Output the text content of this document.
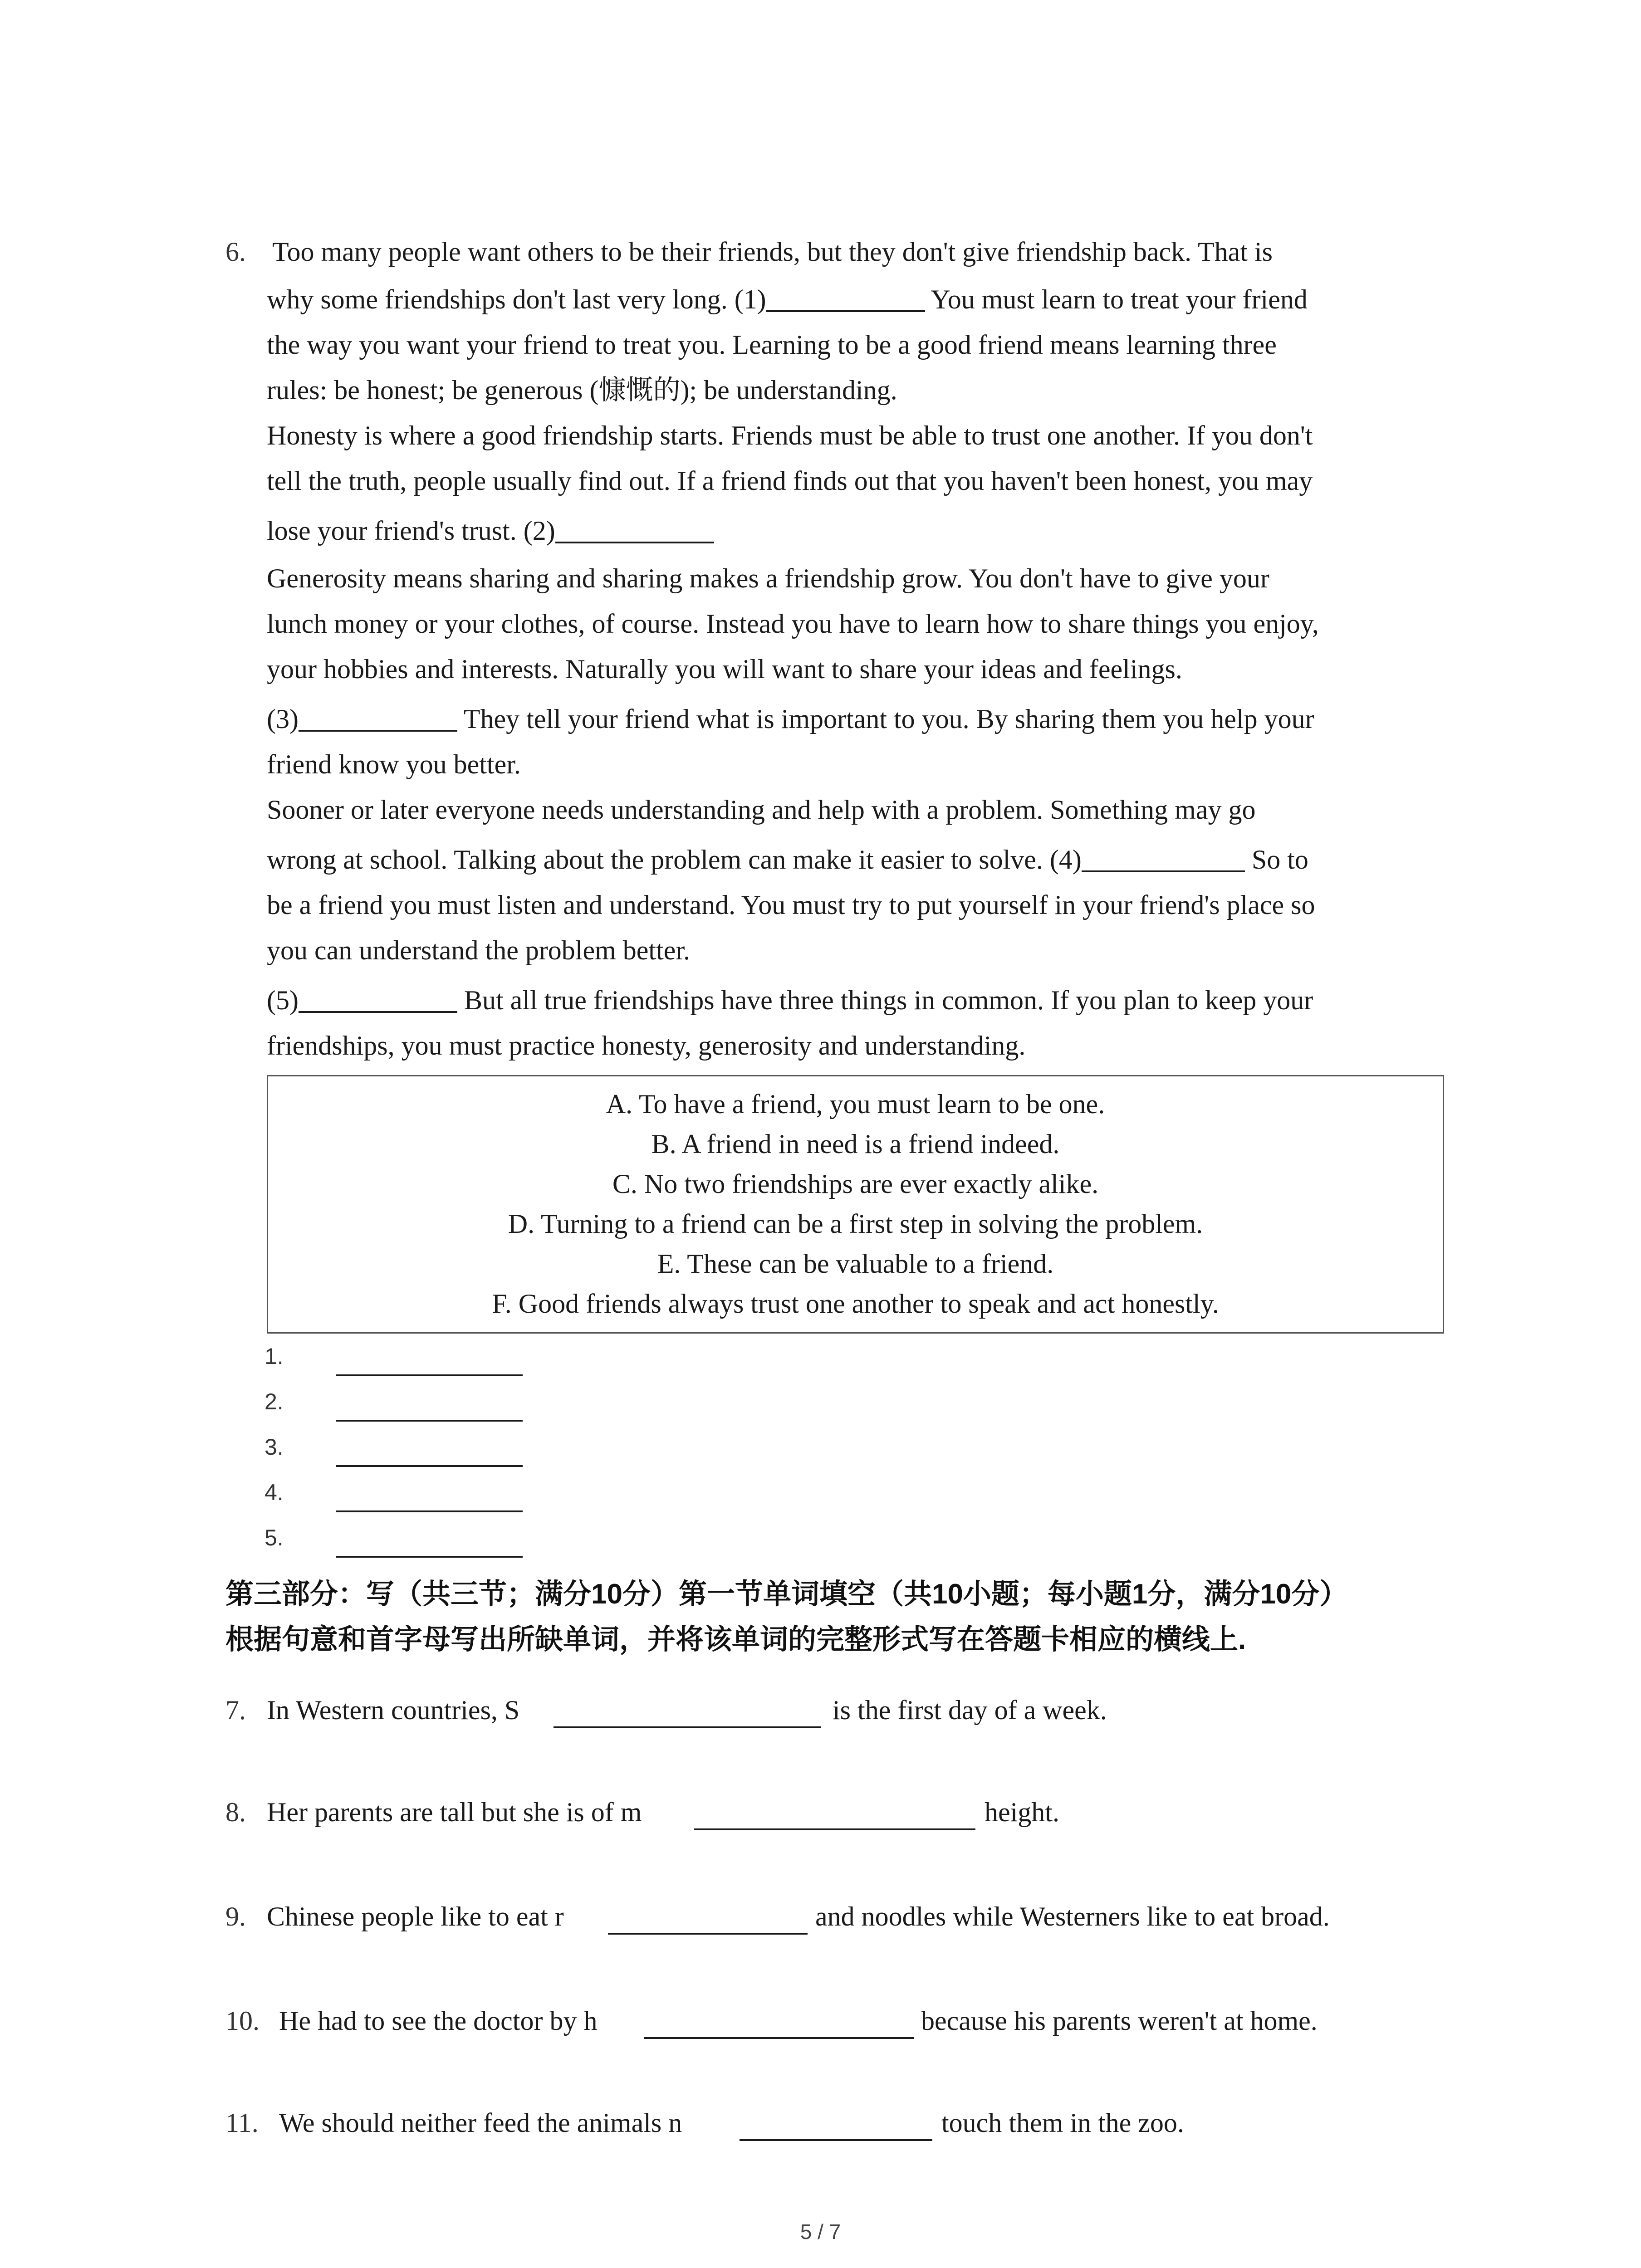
6. Too many people want others to be their friends, but they don't give friendship back. That is
why some friendships don't last very long. (1)	You must learn to treat your friend
the way you want your friend to treat you. Learning to be a good friend means learning three
rules: be honest; be generous (慷慨的); be understanding.
Honesty is where a good friendship starts. Friends must be able to trust one another. If you don't
tell the truth, people usually find out. If a friend finds out that you haven't been honest, you may
lose your friend's trust. (2)
Generosity means sharing and sharing makes a friendship grow. You don't have to give your
lunch money or your clothes, of course. Instead you have to learn how to share things you enjoy,
your hobbies and interests. Naturally you will want to share your ideas and feelings.
(3)	They tell your friend what is important to you. By sharing them you help your
friend know you better.
Sooner or later everyone needs understanding and help with a problem. Something may go
wrong at school. Talking about the problem can make it easier to solve. (4)	So to
be a friend you must listen and understand. You must try to put yourself in your friend's place so
you can understand the problem better.
(5)	But all true friendships have three things in common. If you plan to keep your
friendships, you must practice honesty, generosity and understanding.
A. To have a friend, you must learn to be one.
B. A friend in need is a friend indeed.
C. No two friendships are ever exactly alike.
D. Turning to a friend can be a first step in solving the problem.
E. These can be valuable to a friend.
F. Good friends always trust one another to speak and act honestly.
1.
2.
3.
4.
5.
第三部分：写（共三节；满分10分）第一节单词填空（共10小题；每小题1分，满分10分）
根据句意和首字母写出所缺单词，并将该单词的完整形式写在答题卡相应的横线上.
7. In Western countries, S	is the first day of a week.
8. Her parents are tall but she is of m	height.
9. Chinese people like to eat r	and noodles while Westerners like to eat broad.
10. He had to see the doctor by h	because his parents weren't at home.
11. We should neither feed the animals n	touch them in the zoo.
5 / 7
